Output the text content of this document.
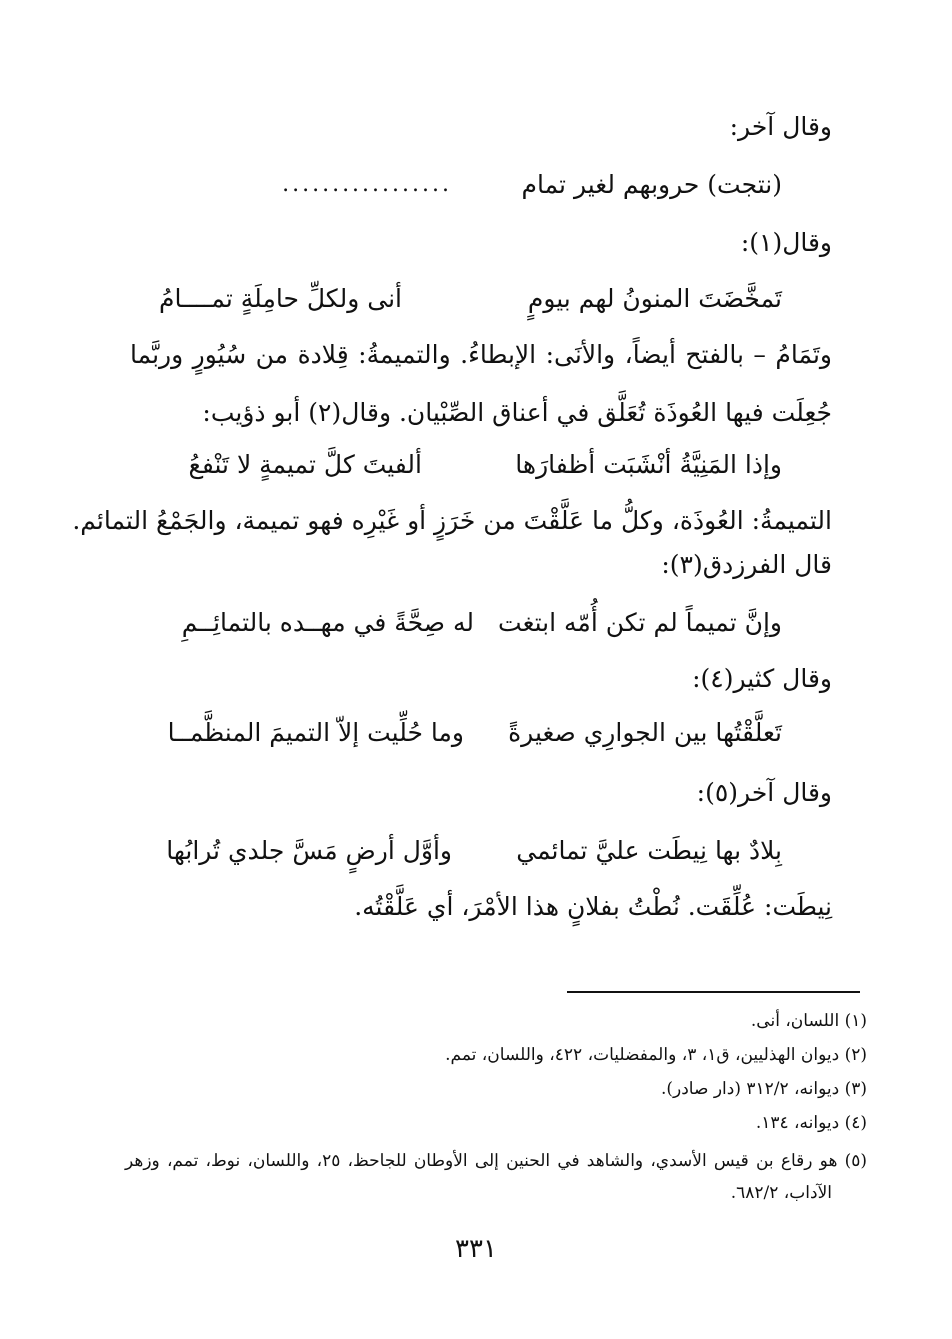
وقال آخر:
(نتجت) حروبهم لغير تمام
.................
وقال(١):
تَمخَّضَتَ المنونُ لهم بيومٍ
أنى ولكلِّ حامِلَةٍ تمــــامُ
وتَمَامُ – بالفتح أيضاً، والأنَى: الإبطاءُ. والتميمةُ: قِلادة من سُيُورٍ وربَّما
جُعِلَت فيها العُوذَة تُعَلَّق في أعناق الصِّبْيان. وقال(٢) أبو ذؤيب:
وإذا المَنِيَّةُ أنْشَبَت أظفارَها
ألفيتَ كلَّ تميمةٍ لا تَنْفعُ
التميمةُ: العُوذَة، وكلُّ ما عَلَّقْتَ من خَرَزٍ أو غَيْرِه فهو تميمة، والجَمْعُ التمائم.
قال الفرزدق(٣):
وإنَّ تميماً لم تكن أُمّه ابتغت
له صِحَّةً في مهــده بالتمائِــمِ
وقال كثير(٤):
تَعلَّقْتُها بين الجوارِي صغيرةً
وما حُلِّيت إلاّ التميمَ المنظَّمــا
وقال آخر(٥):
بِلادٌ بها نِيطَت عليَّ تمائمي
وأوَّل أرضٍ مَسَّ جلدي تُرابُها
نِيطَت: عُلِّقَت. نُطْتُ بفلانٍ هذا الأمْرَ، أي عَلَّقْتُه.
(١) اللسان، أنى.
(٢) ديوان الهذليين، ق١، ٣، والمفضليات، ٤٢٢، واللسان، تمم.
(٣) ديوانه، ٣١٢/٢ (دار صادر).
(٤) ديوانه، ١٣٤.
(٥) هو رقاع بن قيس الأسدي، والشاهد في الحنين إلى الأوطان للجاحظ، ٢٥، واللسان، نوط، تمم، وزهر
الآداب، ٦٨٢/٢.
٣٣١
